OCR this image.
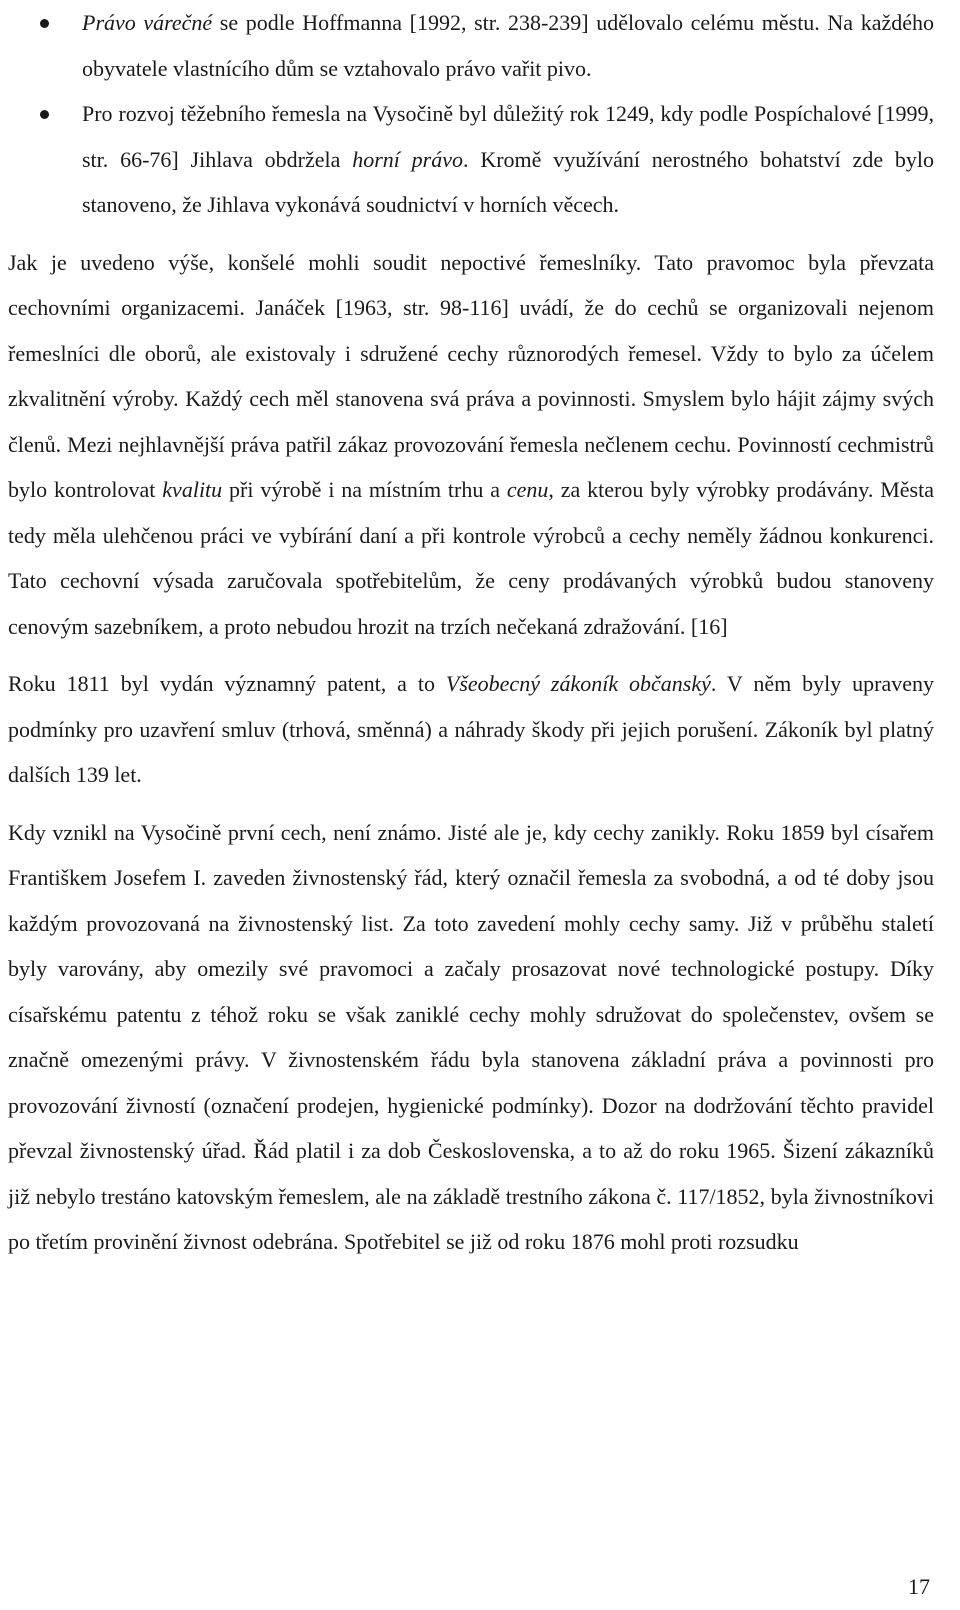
Právo várečné se podle Hoffmanna [1992, str. 238-239] udělovalo celému městu. Na každého obyvatele vlastnícího dům se vztahovalo právo vařit pivo.
Pro rozvoj těžebního řemesla na Vysočině byl důležitý rok 1249, kdy podle Pospíchalové [1999, str. 66-76] Jihlava obdržela horní právo. Kromě využívání nerostného bohatství zde bylo stanoveno, že Jihlava vykonává soudnictví v horních věcech.

Jak je uvedeno výše, konšelé mohli soudit nepoctivé řemeslníky. Tato pravomoc byla převzata cechovními organizacemi. Janáček [1963, str. 98-116] uvádí, že do cechů se organizovali nejenom řemeslníci dle oborů, ale existovaly i sdružené cechy různorodých řemesel. Vždy to bylo za účelem zkvalitnění výroby. Každý cech měl stanovena svá práva a povinnosti. Smyslem bylo hájit zájmy svých členů. Mezi nejhlavnější práva patřil zákaz provozování řemesla nečlenem cechu. Povinností cechmistrů bylo kontrolovat kvalitu při výrobě i na místním trhu a cenu, za kterou byly výrobky prodávány. Města tedy měla ulehčenou práci ve vybírání daní a při kontrole výrobců a cechy neměly žádnou konkurenci. Tato cechovní výsada zaručovala spotřebitelům, že ceny prodávaných výrobků budou stanoveny cenovým sazebníkem, a proto nebudou hrozit na trzích nečekaná zdražování. [16]

Roku 1811 byl vydán významný patent, a to Všeobecný zákoník občanský. V něm byly upraveny podmínky pro uzavření smluv (trhová, směnná) a náhrady škody při jejich porušení. Zákoník byl platný dalších 139 let.

Kdy vznikl na Vysočině první cech, není známo. Jisté ale je, kdy cechy zanikly. Roku 1859 byl císařem Františkem Josefem I. zaveden živnostenský řád, který označil řemesla za svobodná, a od té doby jsou každým provozovaná na živnostenský list. Za toto zavedení mohly cechy samy. Již v průběhu staletí byly varovány, aby omezily své pravomoci a začaly prosazovat nové technologické postupy. Díky císařskému patentu z téhož roku se však zaniklé cechy mohly sdružovat do společenstev, ovšem se značně omezenými právy. V živnostenském řádu byla stanovena základní práva a povinnosti pro provozování živností (označení prodejen, hygienické podmínky). Dozor na dodržování těchto pravidel převzal živnostenský úřad. Řád platil i za dob Československa, a to až do roku 1965. Šizení zákazníků již nebylo trestáno katovským řemeslem, ale na základě trestního zákona č. 117/1852, byla živnostníkovi po třetím provinění živnost odebrána. Spotřebitel se již od roku 1876 mohl proti rozsudku

17
